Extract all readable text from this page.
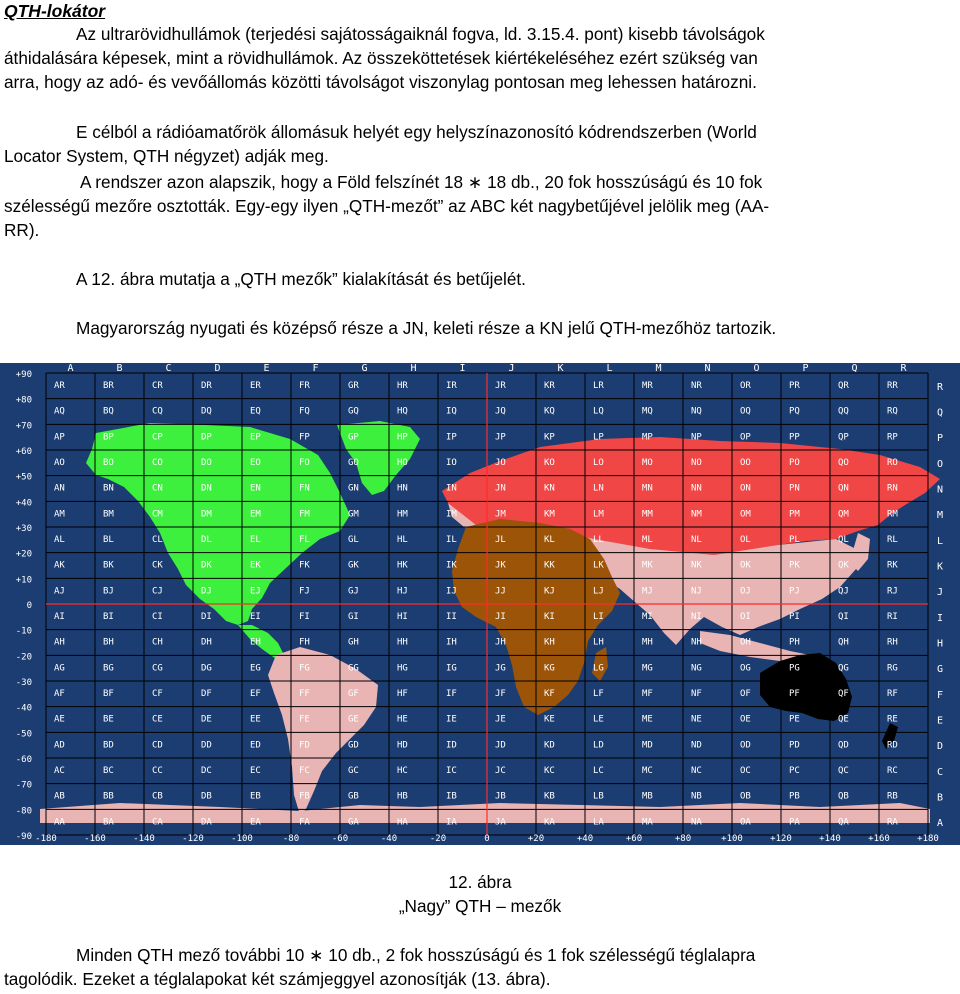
QTH-lokátor

Az ultrarövidhullámok (terjedési sajátosságaiknál fogva, ld. 3.15.4. pont) kisebb távolságok

áthidalására képesek, mint a rövidhullámok. Az összeköttetések kiértékeléséhez ezért szükség van

arra, hogy az adó- és vevőállomás közötti távolságot viszonylag pontosan meg lehessen határozni.

E célból a rádióamatőrök állomásuk helyét egy helyszínazonosító kódrendszerben (World

Locator System, QTH négyzet) adják meg.

A rendszer azon alapszik, hogy a Föld felszínét 18 ∗ 18 db., 20 fok hosszúságú és 10 fok

szélességű mezőre osztották. Egy-egy ilyen „QTH-mezőt” az ABC két nagybetűjével jelölik meg (AA-

RR).

A 12. ábra mutatja a „QTH mezők” kialakítását és betűjelét.

Magyarország nyugati és középső része a JN, keleti része a KN jelű QTH-mezőhöz tartozik.

A	B	C	D	E	F	G	H	I	J	K	L	M	N	O	P	Q	R
R
Q
P
O
N
M
L
K
J
I
H
G
F
E
D
C
B
A
+90
+80
+70
+60
+50
+40
+30
+20
+10
0
-10
-20
-30
-40
-50
-60
-70
-80
-90 -180	-160	-140	-120	-100	-80	-60	-40	-20	0	+20	+40	+60	+80	+100	+120	+140	+160	+180
AR	BR	CR	DR	ER	FR	GR	HR	IR	JR	KR	LR	MR	NR	OR	PR	QR	RR
AQ	BQ	CQ	DQ	EQ	FQ	GQ	HQ	IQ	JQ	KQ	LQ	MQ	NQ	OQ	PQ	QQ	RQ
AP	BP	CP	DP	EP	FP	GP	HP	IP	JP	KP	LP	MP	NP	OP	PP	QP	RP
AO	BO	CO	DO	EO	FO	GO	HO	IO	JO	KO	LO	MO	NO	OO	PO	QO	RO
AN	BN	CN	DN	EN	FN	GN	HN	IN	JN	KN	LN	MN	NN	ON	PN	QN	RN
AM	BM	CM	DM	EM	FM	GM	HM	IM	JM	KM	LM	MM	NM	OM	PM	QM	RM
AL	BL	CL	DL	EL	FL	GL	HL	IL	JL	KL	LL	ML	NL	OL	PL	QL	RL
AK	BK	CK	DK	EK	FK	GK	HK	IK	JK	KK	LK	MK	NK	OK	PK	QK	RK
AJ	BJ	CJ	DJ	EJ	FJ	GJ	HJ	IJ	JJ	KJ	LJ	MJ	NJ	OJ	PJ	QJ	RJ
AI	BI	CI	DI	EI	FI	GI	HI	II	JI	KI	LI	MI	NI	OI	PI	QI	RI
AH	BH	CH	DH	EH	FH	GH	HH	IH	JH	KH	LH	MH	NH	OH	PH	QH	RH
AG	BG	CG	DG	EG	FG	GG	HG	IG	JG	KG	LG	MG	NG	OG	PG	QG	RG
AF	BF	CF	DF	EF	FF	GF	HF	IF	JF	KF	LF	MF	NF	OF	PF	QF	RF
AE	BE	CE	DE	EE	FE	GE	HE	IE	JE	KE	LE	ME	NE	OE	PE	QE	RE
AD	BD	CD	DD	ED	FD	GD	HD	ID	JD	KD	LD	MD	ND	OD	PD	QD	RD
AC	BC	CC	DC	EC	FC	GC	HC	IC	JC	KC	LC	MC	NC	OC	PC	QC	RC
AB	BB	CB	DB	EB	FB	GB	HB	IB	JB	KB	LB	MB	NB	OB	PB	QB	RB
AA	BA	CA	DA	EA	FA	GA	HA	IA	JA	KA	LA	MA	NA	OA	PA	QA	RA
12. ábra
„Nagy” QTH – mezők

Minden QTH mező további 10 ∗ 10 db., 2 fok hosszúságú és 1 fok szélességű téglalapra

tagolódik. Ezeket a téglalapokat két számjeggyel azonosítják (13. ábra).
